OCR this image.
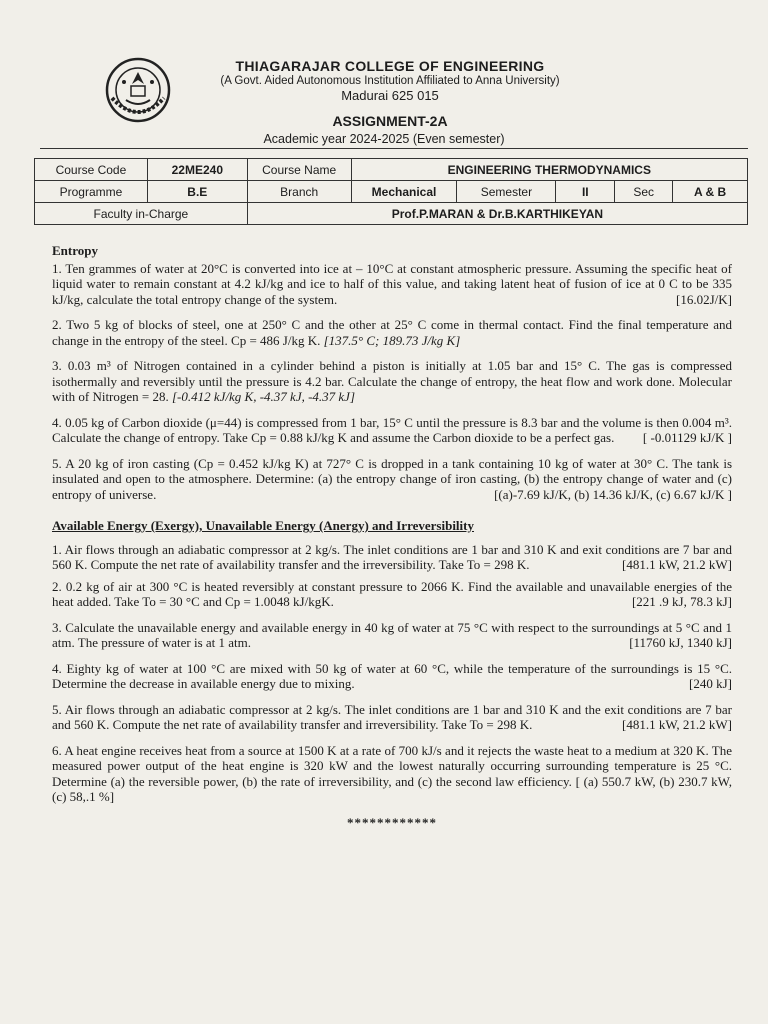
THIAGARAJAR COLLEGE OF ENGINEERING
(A Govt. Aided Autonomous Institution Affiliated to Anna University)
Madurai 625 015
ASSIGNMENT-2A
Academic year 2024-2025 (Even semester)
Course Code	22ME240	Course Name	ENGINEERING THERMODYNAMICS				
Programme	B.E	Branch	Mechanical	Semester	II	Sec	A & B
Faculty in-Charge		Prof.P.MARAN & Dr.B.KARTHIKEYAN					
Entropy
1. Ten grammes of water at 20°C is converted into ice at – 10°C at constant atmospheric pressure. Assuming the specific heat of liquid water to remain constant at 4.2 kJ/kg and ice to half of this value, and taking latent heat of fusion of ice at 0 C to be 335 kJ/kg, calculate the total entropy change of the system.	[16.02J/K]
2. Two 5 kg of blocks of steel, one at 250° C and the other at 25° C come in thermal contact. Find the final temperature and change in the entropy of the steel. Cp = 486 J/kg K. [137.5° C; 189.73 J/kg K]
3. 0.03 m³ of Nitrogen contained in a cylinder behind a piston is initially at 1.05 bar and 15° C. The gas is compressed isothermally and reversibly until the pressure is 4.2 bar. Calculate the change of entropy, the heat flow and work done. Molecular with of Nitrogen = 28. [-0.412 kJ/kg K, -4.37 kJ, -4.37 kJ]
4. 0.05 kg of Carbon dioxide (μ=44) is compressed from 1 bar, 15° C until the pressure is 8.3 bar and the volume is then 0.004 m³. Calculate the change of entropy. Take Cp = 0.88 kJ/kg K and assume the Carbon dioxide to be a perfect gas. [ -0.01129 kJ/K ]
5. A 20 kg of iron casting (Cp = 0.452 kJ/kg K) at 727° C is dropped in a tank containing 10 kg of water at 30° C. The tank is insulated and open to the atmosphere. Determine: (a) the entropy change of iron casting, (b) the entropy change of water and (c) entropy of universe.	[(a)-7.69 kJ/K, (b) 14.36 kJ/K, (c) 6.67 kJ/K ]
Available Energy (Exergy), Unavailable Energy (Anergy) and Irreversibility
1. Air flows through an adiabatic compressor at 2 kg/s. The inlet conditions are 1 bar and 310 K and exit conditions are 7 bar and 560 K. Compute the net rate of availability transfer and the irreversibility. Take To = 298 K.	[481.1 kW, 21.2 kW]
2. 0.2 kg of air at 300 °C is heated reversibly at constant pressure to 2066 K. Find the available and unavailable energies of the heat added. Take To = 30 °C and Cp = 1.0048 kJ/kgK.	[221 .9 kJ, 78.3 kJ]
3. Calculate the unavailable energy and available energy in 40 kg of water at 75 °C with respect to the surroundings at 5 °C and 1 atm. The pressure of water is at 1 atm.	[11760 kJ, 1340 kJ]
4. Eighty kg of water at 100 °C are mixed with 50 kg of water at 60 °C, while the temperature of the surroundings is 15 °C. Determine the decrease in available energy due to mixing.	[240 kJ]
5. Air flows through an adiabatic compressor at 2 kg/s. The inlet conditions are 1 bar and 310 K and the exit conditions are 7 bar and 560 K. Compute the net rate of availability transfer and irreversibility. Take To = 298 K.	[481.1 kW, 21.2 kW]
6. A heat engine receives heat from a source at 1500 K at a rate of 700 kJ/s and it rejects the waste heat to a medium at 320 K. The measured power output of the heat engine is 320 kW and the lowest naturally occurring surrounding temperature is 25 °C. Determine (a) the reversible power, (b) the rate of irreversibility, and (c) the second law efficiency. [ (a) 550.7 kW, (b) 230.7 kW, (c) 58,.1 %]
************
